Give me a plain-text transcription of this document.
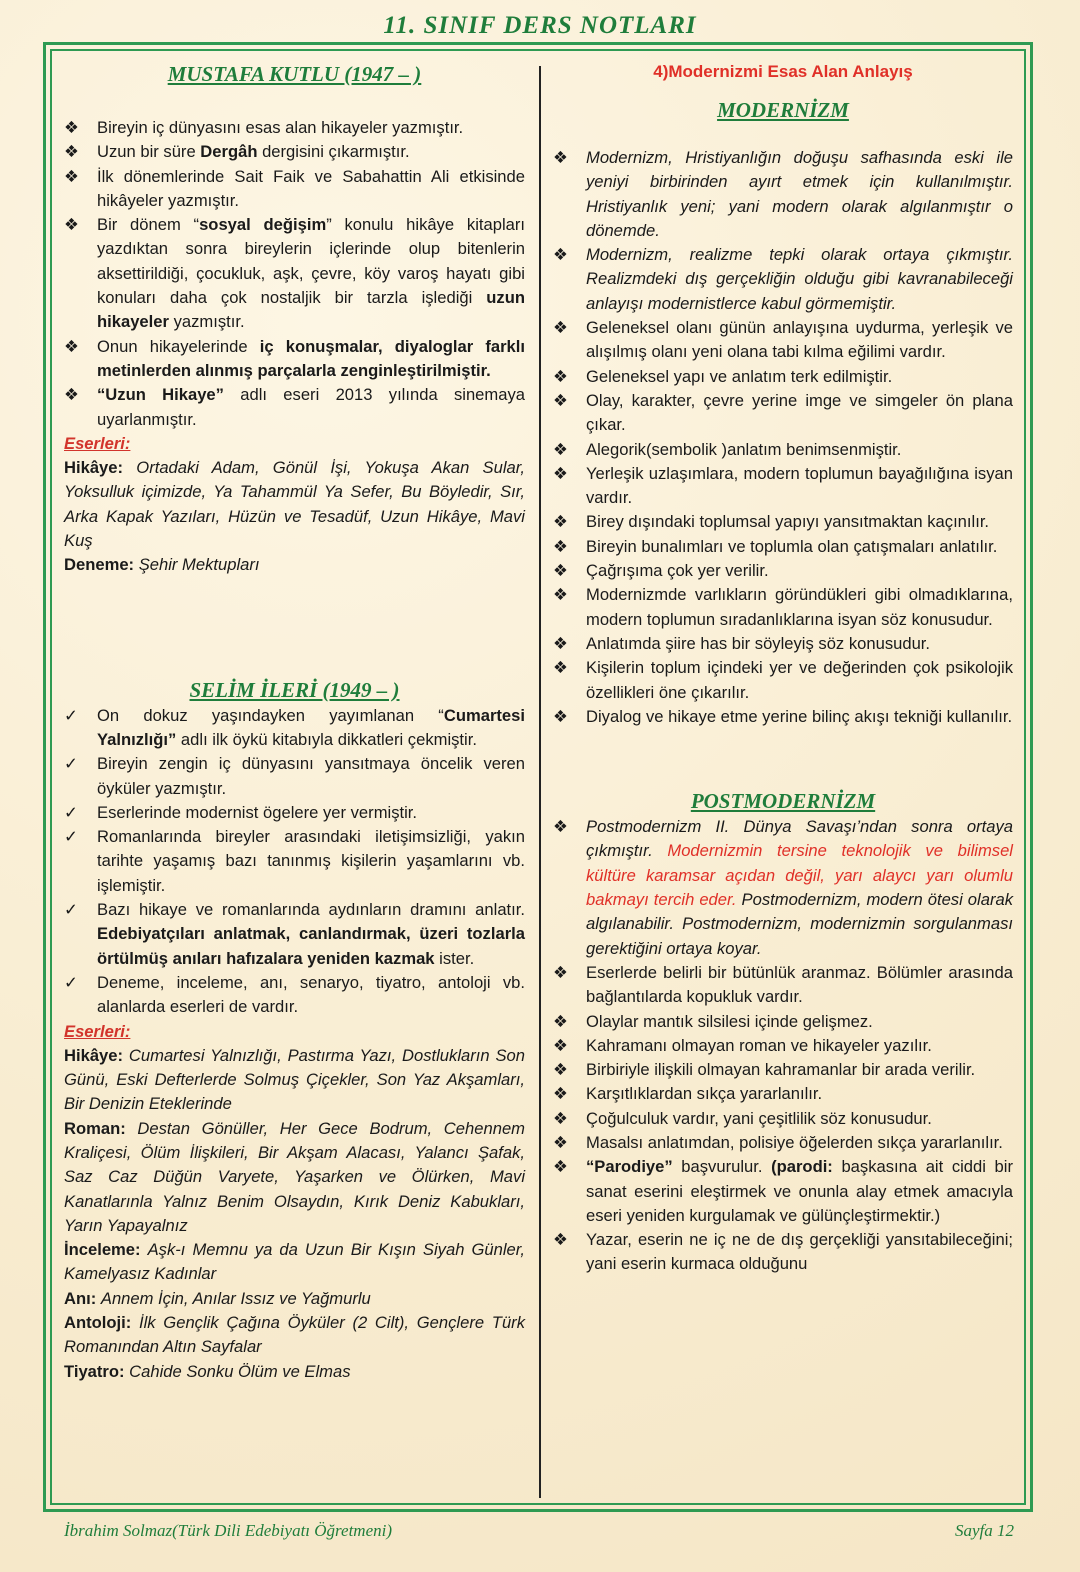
11. SINIF DERS NOTLARI
MUSTAFA KUTLU (1947 – )
❖	Bireyin iç dünyasını esas alan hikayeler yazmıştır.
❖	Uzun bir süre Dergâh dergisini çıkarmıştır.
❖	İlk dönemlerinde Sait Faik ve Sabahattin Ali etkisinde hikâyeler yazmıştır.
❖	Bir dönem “sosyal değişim” konulu hikâye kitapları yazdıktan sonra bireylerin içlerinde olup bitenlerin aksettirildiği, çocukluk, aşk, çevre, köy varoş hayatı gibi konuları daha çok nostaljik bir tarzla işlediği uzun hikayeler yazmıştır.
❖	Onun hikayelerinde iç konuşmalar, diyaloglar farklı metinlerden alınmış parçalarla zenginleştirilmiştir.
❖	“Uzun Hikaye” adlı eseri 2013 yılında sinemaya uyarlanmıştır.
Eserleri:
Hikâye: Ortadaki Adam, Gönül İşi, Yokuşa Akan Sular, Yoksulluk içimizde, Ya Tahammül Ya Sefer, Bu Böyledir, Sır, Arka Kapak Yazıları, Hüzün ve Tesadüf, Uzun Hikâye, Mavi Kuş
Deneme: Şehir Mektupları
SELİM İLERİ (1949 – )
✓	On dokuz yaşındayken yayımlanan “Cumartesi Yalnızlığı” adlı ilk öykü kitabıyla dikkatleri çekmiştir.
✓	Bireyin zengin iç dünyasını yansıtmaya öncelik veren öyküler yazmıştır.
✓	Eserlerinde modernist ögelere yer vermiştir.
✓	Romanlarında bireyler arasındaki iletişimsizliği, yakın tarihte yaşamış bazı tanınmış kişilerin yaşamlarını vb. işlemiştir.
✓	Bazı hikaye ve romanlarında aydınların dramını anlatır. Edebiyatçıları anlatmak, canlandırmak, üzeri tozlarla örtülmüş anıları hafızalara yeniden kazmak ister.
✓	Deneme, inceleme, anı, senaryo, tiyatro, antoloji vb. alanlarda eserleri de vardır.
Eserleri:
Hikâye: Cumartesi Yalnızlığı, Pastırma Yazı, Dostlukların Son Günü, Eski Defterlerde Solmuş Çiçekler, Son Yaz Akşamları, Bir Denizin Eteklerinde
Roman: Destan Gönüller, Her Gece Bodrum, Cehennem Kraliçesi, Ölüm İlişkileri, Bir Akşam Alacası, Yalancı Şafak, Saz Caz Düğün Varyete, Yaşarken ve Ölürken, Mavi Kanatlarınla Yalnız Benim Olsaydın, Kırık Deniz Kabukları, Yarın Yapayalnız
İnceleme: Aşk-ı Memnu ya da Uzun Bir Kışın Siyah Günler, Kamelyasız Kadınlar
Anı: Annem İçin, Anılar Issız ve Yağmurlu
Antoloji: İlk Gençlik Çağına Öyküler (2 Cilt), Gençlere Türk Romanından Altın Sayfalar
Tiyatro: Cahide Sonku Ölüm ve Elmas
4)Modernizmi Esas Alan Anlayış
MODERNİZM
❖	Modernizm, Hristiyanlığın doğuşu safhasında eski ile yeniyi birbirinden ayırt etmek için kullanılmıştır. Hristiyanlık yeni; yani modern olarak algılanmıştır o dönemde.
❖	Modernizm, realizme tepki olarak ortaya çıkmıştır. Realizmdeki dış gerçekliğin olduğu gibi kavranabileceği anlayışı modernistlerce kabul görmemiştir.
❖	Geleneksel olanı günün anlayışına uydurma, yerleşik ve alışılmış olanı yeni olana tabi kılma eğilimi vardır.
❖	Geleneksel yapı ve anlatım terk edilmiştir.
❖	Olay, karakter, çevre yerine imge ve simgeler ön plana çıkar.
❖	Alegorik(sembolik )anlatım benimsenmiştir.
❖	Yerleşik uzlaşımlara, modern toplumun bayağılığına isyan vardır.
❖	Birey dışındaki toplumsal yapıyı yansıtmaktan kaçınılır.
❖	Bireyin bunalımları ve toplumla olan çatışmaları anlatılır.
❖	Çağrışıma çok yer verilir.
❖	Modernizmde varlıkların göründükleri gibi olmadıklarına, modern toplumun sıradanlıklarına isyan söz konusudur.
❖	Anlatımda şiire has bir söyleyiş söz konusudur.
❖	Kişilerin toplum içindeki yer ve değerinden çok psikolojik özellikleri öne çıkarılır.
❖	Diyalog ve hikaye etme yerine bilinç akışı tekniği kullanılır.
POSTMODERNİZM
❖	Postmodernizm II. Dünya Savaşı’ndan sonra ortaya çıkmıştır. Modernizmin tersine teknolojik ve bilimsel kültüre karamsar açıdan değil, yarı alaycı yarı olumlu bakmayı tercih eder. Postmodernizm, modern ötesi olarak algılanabilir. Postmodernizm, modernizmin sorgulanması gerektiğini ortaya koyar.
❖	Eserlerde belirli bir bütünlük aranmaz. Bölümler arasında bağlantılarda kopukluk vardır.
❖	Olaylar mantık silsilesi içinde gelişmez.
❖	Kahramanı olmayan roman ve hikayeler yazılır.
❖	Birbiriyle ilişkili olmayan kahramanlar bir arada verilir.
❖	Karşıtlıklardan sıkça yararlanılır.
❖	Çoğulculuk vardır, yani çeşitlilik söz konusudur.
❖	Masalsı anlatımdan, polisiye öğelerden sıkça yararlanılır.
❖	“Parodiye” başvurulur. (parodi: başkasına ait ciddi bir sanat eserini eleştirmek ve onunla alay etmek amacıyla eseri yeniden kurgulamak ve gülünçleştirmektir.)
❖	Yazar, eserin ne iç ne de dış gerçekliği yansıtabileceğini; yani eserin kurmaca olduğunu
İbrahim Solmaz(Türk Dili Edebiyatı Öğretmeni)	Sayfa 12
